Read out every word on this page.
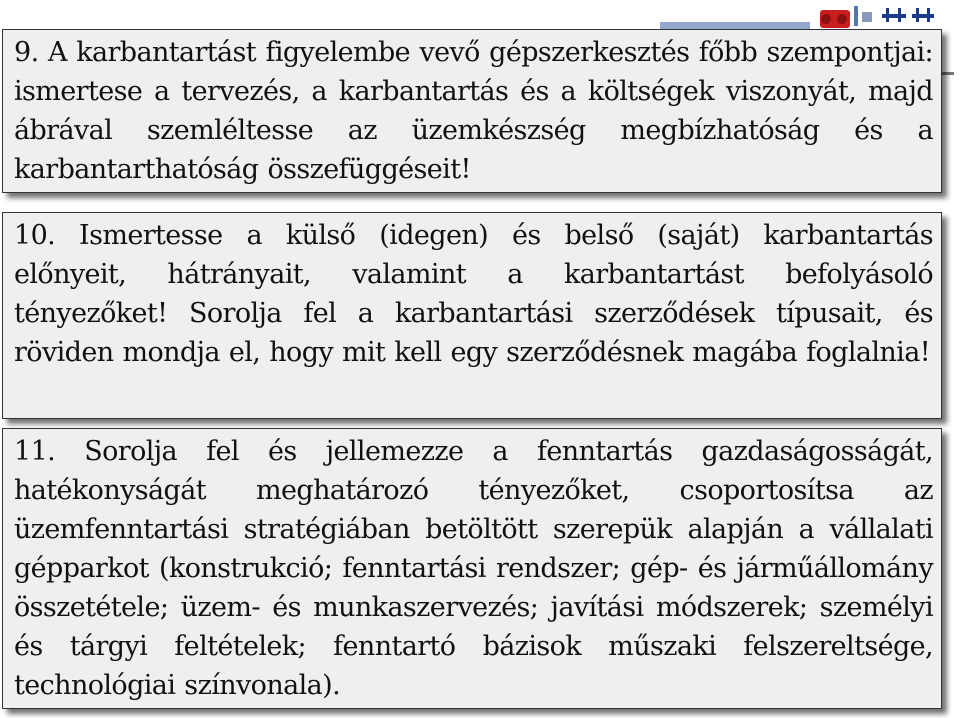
9. A karbantartást figyelembe vevő gépszerkesztés főbb szempontjai: ismertese a tervezés, a karbantartás és a költségek viszonyát, majd ábrával szemléltesse az üzemkészség megbízhatóság és a karbantarthatóság összefüggéseit!

10. Ismertesse a külső (idegen) és belső (saját) karbantartás előnyeit, hátrányait, valamint a karbantartást befolyásoló tényezőket! Sorolja fel a karbantartási szerződések típusait, és röviden mondja el, hogy mit kell egy szerződésnek magába foglalnia!

11. Sorolja fel és jellemezze a fenntartás gazdaságosságát, hatékonyságát meghatározó tényezőket, csoportosítsa az üzemfenntartási stratégiában betöltött szerepük alapján a vállalati gépparkot (konstrukció; fenntartási rendszer; gép- és járműállomány összetétele; üzem- és munkaszervezés; javítási módszerek; személyi és tárgyi feltételek; fenntartó bázisok műszaki felszereltsége, technológiai színvonala).
